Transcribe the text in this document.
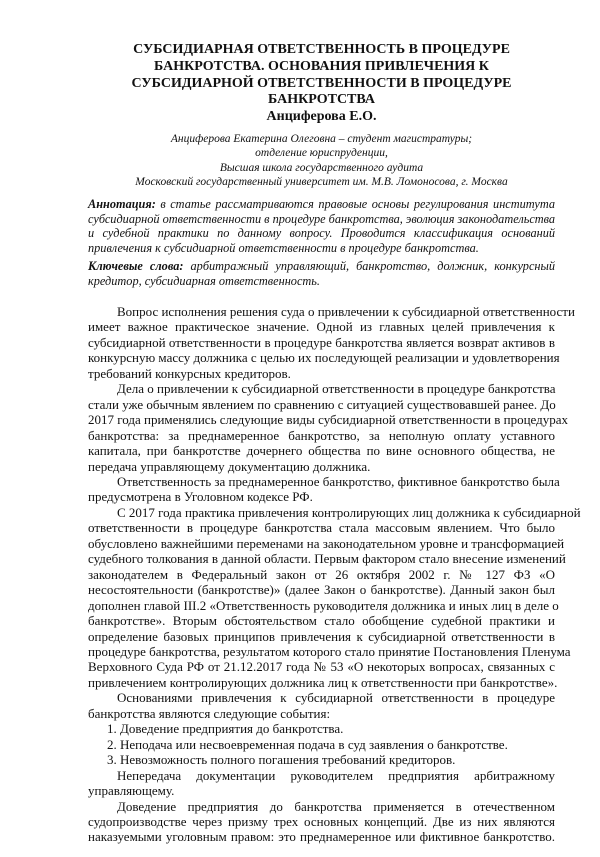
СУБСИДИАРНАЯ ОТВЕТСТВЕННОСТЬ В ПРОЦЕДУРЕ
БАНКРОТСТВА. ОСНОВАНИЯ ПРИВЛЕЧЕНИЯ К
СУБСИДИАРНОЙ ОТВЕТСТВЕННОСТИ В ПРОЦЕДУРЕ
БАНКРОТСТВА
Анциферова Е.О.
Анциферова Екатерина Олеговна – студент магистратуры;
отделение юриспруденции,
Высшая школа государственного аудита
Московский государственный университет им. М.В. Ломоносова, г. Москва
Аннотация: в статье рассматриваются правовые основы регулирования института
субсидиарной ответственности в процедуре банкротства, эволюция законодательства
и судебной практики по данному вопросу. Проводится классификация оснований
привлечения к субсидиарной ответственности в процедуре банкротства.
Ключевые слова: арбитражный управляющий, банкротство, должник, конкурсный
кредитор, субсидиарная ответственность.
Вопрос исполнения решения суда о привлечении к субсидиарной ответственности
имеет важное практическое значение. Одной из главных целей привлечения к
субсидиарной ответственности в процедуре банкротства является возврат активов в
конкурсную массу должника с целью их последующей реализации и удовлетворения
требований конкурсных кредиторов.
Дела о привлечении к субсидиарной ответственности в процедуре банкротства
стали уже обычным явлением по сравнению с ситуацией существовавшей ранее. До
2017 года применялись следующие виды субсидиарной ответственности в процедурах
банкротства: за преднамеренное банкротство, за неполную оплату уставного
капитала, при банкротстве дочернего общества по вине основного общества, не
передача управляющему документацию должника.
Ответственность за преднамеренное банкротство, фиктивное банкротство была
предусмотрена в Уголовном кодексе РФ.
С 2017 года практика привлечения контролирующих лиц должника к субсидиарной
ответственности в процедуре банкротства стала массовым явлением. Что было
обусловлено важнейшими переменами на законодательном уровне и трансформацией
судебного толкования в данной области. Первым фактором стало внесение изменений
законодателем в Федеральный закон от 26 октября 2002 г. № 127 ФЗ «О
несостоятельности (банкротстве)» (далее Закон о банкротстве). Данный закон был
дополнен главой III.2 «Ответственность руководителя должника и иных лиц в деле о
банкротстве». Вторым обстоятельством стало обобщение судебной практики и
определение базовых принципов привлечения к субсидиарной ответственности в
процедуре банкротства, результатом которого стало принятие Постановления Пленума
Верховного Суда РФ от 21.12.2017 года № 53 «О некоторых вопросах, связанных с
привлечением контролирующих должника лиц к ответственности при банкротстве».
Основаниями привлечения к субсидиарной ответственности в процедуре
банкротства являются следующие события:
1. Доведение предприятия до банкротства.
2. Неподача или несвоевременная подача в суд заявления о банкротстве.
3. Невозможность полного погашения требований кредиторов.
Непередача документации руководителем предприятия арбитражному
управляющему.
Доведение предприятия до банкротства применяется в отечественном
судопроизводстве через призму трех основных концепций. Две из них являются
наказуемыми уголовным правом: это преднамеренное или фиктивное банкротство.
